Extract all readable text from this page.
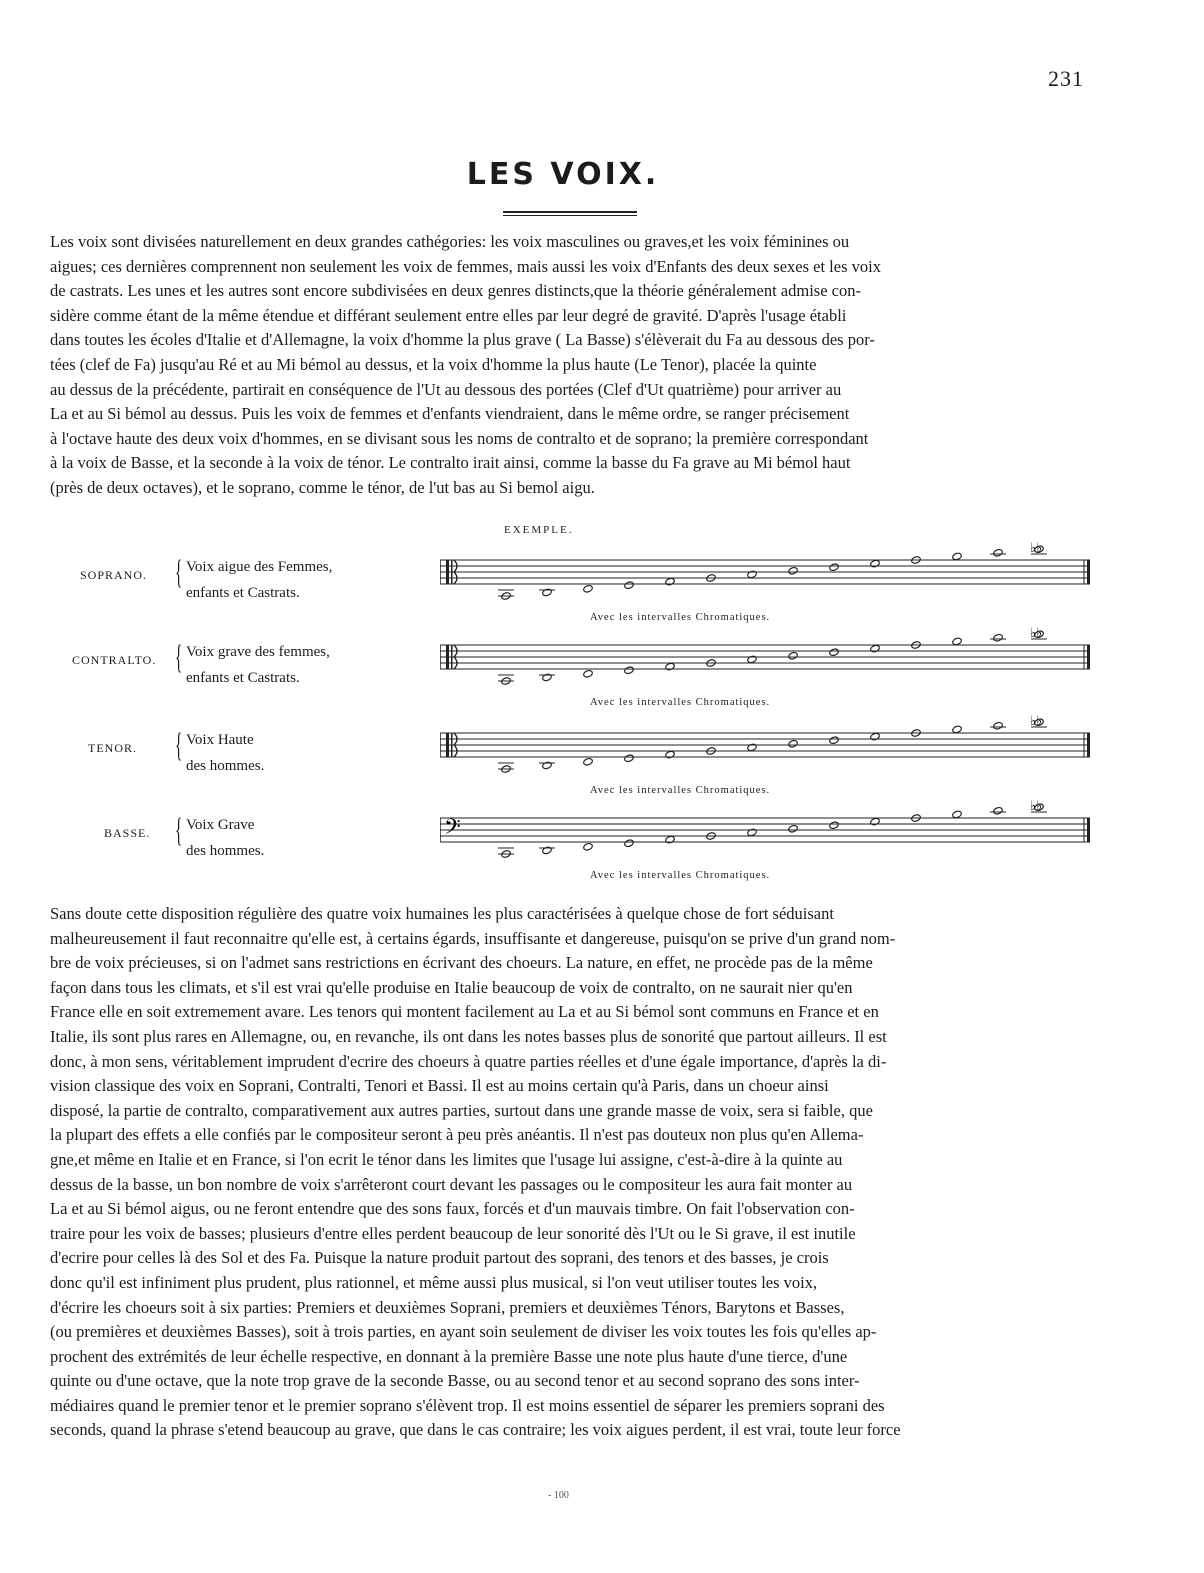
231
LES VOIX.
Les voix sont divisées naturellement en deux grandes cathégories: les voix masculines ou graves,et les voix féminines ou
aigues; ces dernières comprennent non seulement les voix de femmes, mais aussi les voix d'Enfants des deux sexes et les voix
de castrats. Les unes et les autres sont encore subdivisées en deux genres distincts,que la théorie généralement admise con-
sidère comme étant de la même étendue et différant seulement entre elles par leur degré de gravité. D'après l'usage établi
dans toutes les écoles d'Italie et d'Allemagne, la voix d'homme la plus grave ( La Basse) s'élèverait du Fa au dessous des por-
tées (clef de Fa) jusqu'au Ré et au Mi bémol au dessus, et la voix d'homme la plus haute (Le Tenor), placée la quinte
au dessus de la précédente, partirait en conséquence de l'Ut au dessous des portées (Clef d'Ut quatrième) pour arriver au
La et au Si bémol au dessus. Puis les voix de femmes et d'enfants viendraient, dans le même ordre, se ranger précisement
à l'octave haute des deux voix d'hommes, en se divisant sous les noms de contralto et de soprano; la première correspondant
à la voix de Basse, et la seconde à la voix de ténor. Le contralto irait ainsi, comme la basse du Fa grave au Mi bémol haut
(près de deux octaves), et le soprano, comme le ténor, de l'ut bas au Si bemol aigu.
EXEMPLE.
SOPRANO. { Voix aigue des Femmes,
enfants et Castrats.
♭♭
Avec les intervalles Chromatiques.
CONTRALTO. { Voix grave des femmes,
enfants et Castrats.
♭♭
Avec les intervalles Chromatiques.
TENOR. { Voix Haute
des hommes.
♭♭
Avec les intervalles Chromatiques.
BASSE. { Voix Grave
des hommes.
𝄢
♭♭
Avec les intervalles Chromatiques.
Sans doute cette disposition régulière des quatre voix humaines les plus caractérisées à quelque chose de fort séduisant
malheureusement il faut reconnaitre qu'elle est, à certains égards, insuffisante et dangereuse, puisqu'on se prive d'un grand nom-
bre de voix précieuses, si on l'admet sans restrictions en écrivant des choeurs. La nature, en effet, ne procède pas de la même
façon dans tous les climats, et s'il est vrai qu'elle produise en Italie beaucoup de voix de contralto, on ne saurait nier qu'en
France elle en soit extremement avare. Les tenors qui montent facilement au La et au Si bémol sont communs en France et en
Italie, ils sont plus rares en Allemagne, ou, en revanche, ils ont dans les notes basses plus de sonorité que partout ailleurs. Il est
donc, à mon sens, véritablement imprudent d'ecrire des choeurs à quatre parties réelles et d'une égale importance, d'après la di-
vision classique des voix en Soprani, Contralti, Tenori et Bassi. Il est au moins certain qu'à Paris, dans un choeur ainsi
disposé, la partie de contralto, comparativement aux autres parties, surtout dans une grande masse de voix, sera si faible, que
la plupart des effets a elle confiés par le compositeur seront à peu près anéantis. Il n'est pas douteux non plus qu'en Allema-
gne,et même en Italie et en France, si l'on ecrit le ténor dans les limites que l'usage lui assigne, c'est-à-dire à la quinte au
dessus de la basse, un bon nombre de voix s'arrêteront court devant les passages ou le compositeur les aura fait monter au
La et au Si bémol aigus, ou ne feront entendre que des sons faux, forcés et d'un mauvais timbre. On fait l'observation con-
traire pour les voix de basses; plusieurs d'entre elles perdent beaucoup de leur sonorité dès l'Ut ou le Si grave, il est inutile
d'ecrire pour celles là des Sol et des Fa. Puisque la nature produit partout des soprani, des tenors et des basses, je crois
donc qu'il est infiniment plus prudent, plus rationnel, et même aussi plus musical, si l'on veut utiliser toutes les voix,
d'écrire les choeurs soit à six parties: Premiers et deuxièmes Soprani, premiers et deuxièmes Ténors, Barytons et Basses,
(ou premières et deuxièmes Basses), soit à trois parties, en ayant soin seulement de diviser les voix toutes les fois qu'elles ap-
prochent des extrémités de leur échelle respective, en donnant à la première Basse une note plus haute d'une tierce, d'une
quinte ou d'une octave, que la note trop grave de la seconde Basse, ou au second tenor et au second soprano des sons inter-
médiaires quand le premier tenor et le premier soprano s'élèvent trop. Il est moins essentiel de séparer les premiers soprani des
seconds, quand la phrase s'etend beaucoup au grave, que dans le cas contraire; les voix aigues perdent, il est vrai, toute leur force
- 100
